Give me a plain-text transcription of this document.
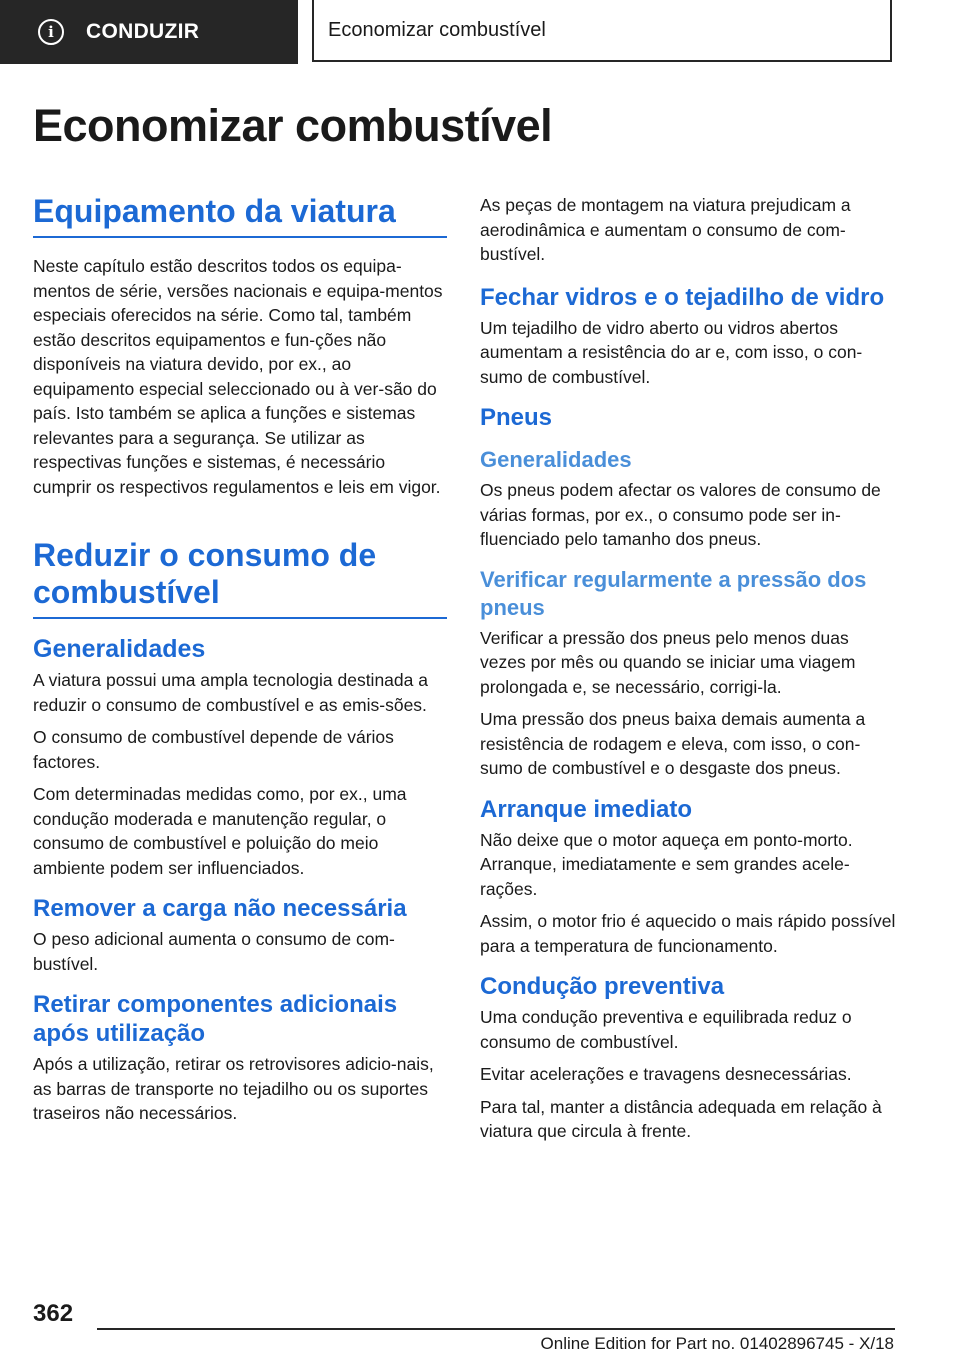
i	CONDUZIR	Economizar combustível
Economizar combustível
Equipamento da viatura

Neste capítulo estão descritos todos os equipa-mentos de série, versões nacionais e equipa-mentos especiais oferecidos na série. Como tal, também estão descritos equipamentos e fun-ções não disponíveis na viatura devido, por ex., ao equipamento especial seleccionado ou à ver-são do país. Isto também se aplica a funções e sistemas relevantes para a segurança. Se utilizar as respectivas funções e sistemas, é necessário cumprir os respectivos regulamentos e leis em vigor.

Reduzir o consumo de combustível
Generalidades

A viatura possui uma ampla tecnologia destinada a reduzir o consumo de combustível e as emis-sões.

O consumo de combustível depende de vários factores.

Com determinadas medidas como, por ex., uma condução moderada e manutenção regular, o consumo de combustível e poluição do meio ambiente podem ser influenciados.

Remover a carga não necessária

O peso adicional aumenta o consumo de com-bustível.

Retirar componentes adicionais após utilização

Após a utilização, retirar os retrovisores adicio-nais, as barras de transporte no tejadilho ou os suportes traseiros não necessários.

As peças de montagem na viatura prejudicam a aerodinâmica e aumentam o consumo de com-bustível.

Fechar vidros e o tejadilho de vidro

Um tejadilho de vidro aberto ou vidros abertos aumentam a resistência do ar e, com isso, o con-sumo de combustível.

Pneus
Generalidades

Os pneus podem afectar os valores de consumo de várias formas, por ex., o consumo pode ser in-fluenciado pelo tamanho dos pneus.

Verificar regularmente a pressão dos pneus

Verificar a pressão dos pneus pelo menos duas vezes por mês ou quando se iniciar uma viagem prolongada e, se necessário, corrigi-la.

Uma pressão dos pneus baixa demais aumenta a resistência de rodagem e eleva, com isso, o con-sumo de combustível e o desgaste dos pneus.

Arranque imediato

Não deixe que o motor aqueça em ponto-morto. Arranque, imediatamente e sem grandes acele-rações.

Assim, o motor frio é aquecido o mais rápido possível para a temperatura de funcionamento.

Condução preventiva

Uma condução preventiva e equilibrada reduz o consumo de combustível.

Evitar acelerações e travagens desnecessárias.

Para tal, manter a distância adequada em relação à viatura que circula à frente.

362
Online Edition for Part no. 01402896745 - X/18
